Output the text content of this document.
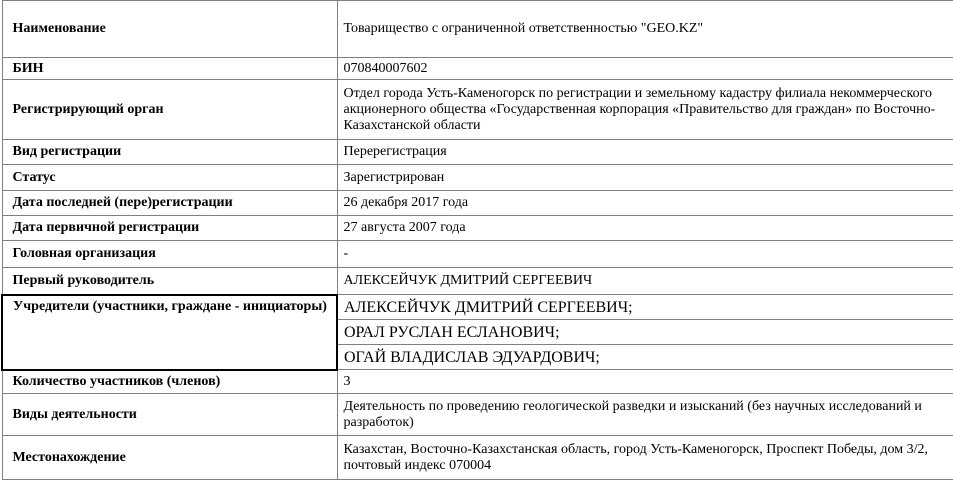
Наименование	Товарищество с ограниченной ответственностью "GEO.KZ"
БИН	070840007602
Регистрирующий орган	Отдел города Усть-Каменогорск по регистрации и земельному кадастру филиала некоммерческого акционерного общества «Государственная корпорация «Правительство для граждан» по Восточно-Казахстанской области
Вид регистрации	Перерегистрация
Статус	Зарегистрирован
Дата последней (пере)регистрации	26 декабря 2017 года
Дата первичной регистрации	27 августа 2007 года
Головная организация	-
Первый руководитель	АЛЕКСЕЙЧУК ДМИТРИЙ СЕРГЕЕВИЧ
Учредители (участники, граждане - инициаторы)	АЛЕКСЕЙЧУК ДМИТРИЙ СЕРГЕЕВИЧ;
ОРАЛ РУСЛАН ЕСЛАНОВИЧ;
ОГАЙ ВЛАДИСЛАВ ЭДУАРДОВИЧ;

Количество участников (членов)	3
Виды деятельности	Деятельность по проведению геологической разведки и изысканий (без научных исследований и разработок)
Местонахождение	Казахстан, Восточно-Казахстанская область, город Усть-Каменогорск, Проспект Победы, дом 3/2, почтовый индекс 070004
